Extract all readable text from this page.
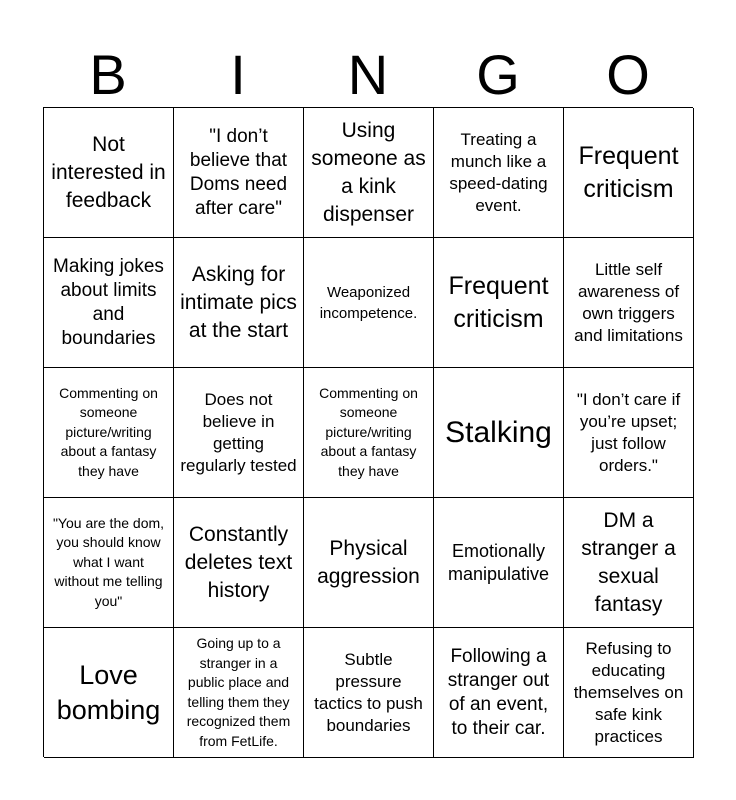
B	I	N	G	O
Not interested in feedback
"I don’t believe that Doms need after care"
Using someone as a kink dispenser
Treating a munch like a speed-dating event.
Frequent criticism
Making jokes about limits and boundaries
Asking for intimate pics at the start
Weaponized incompetence.
Frequent criticism
Little self awareness of own triggers and limitations
Commenting on someone picture/writing about a fantasy they have
Does not believe in getting regularly tested
Commenting on someone picture/writing about a fantasy they have
Stalking
"I don’t care if you’re upset; just follow orders."
"You are the dom, you should know what I want without me telling you"
Constantly deletes text history
Physical aggression
Emotionally manipulative
DM a stranger a sexual fantasy
Love bombing
Going up to a stranger in a public place and telling them they recognized them from FetLife.
Subtle pressure tactics to push boundaries
Following a stranger out of an event, to their car.
Refusing to educating themselves on safe kink practices
